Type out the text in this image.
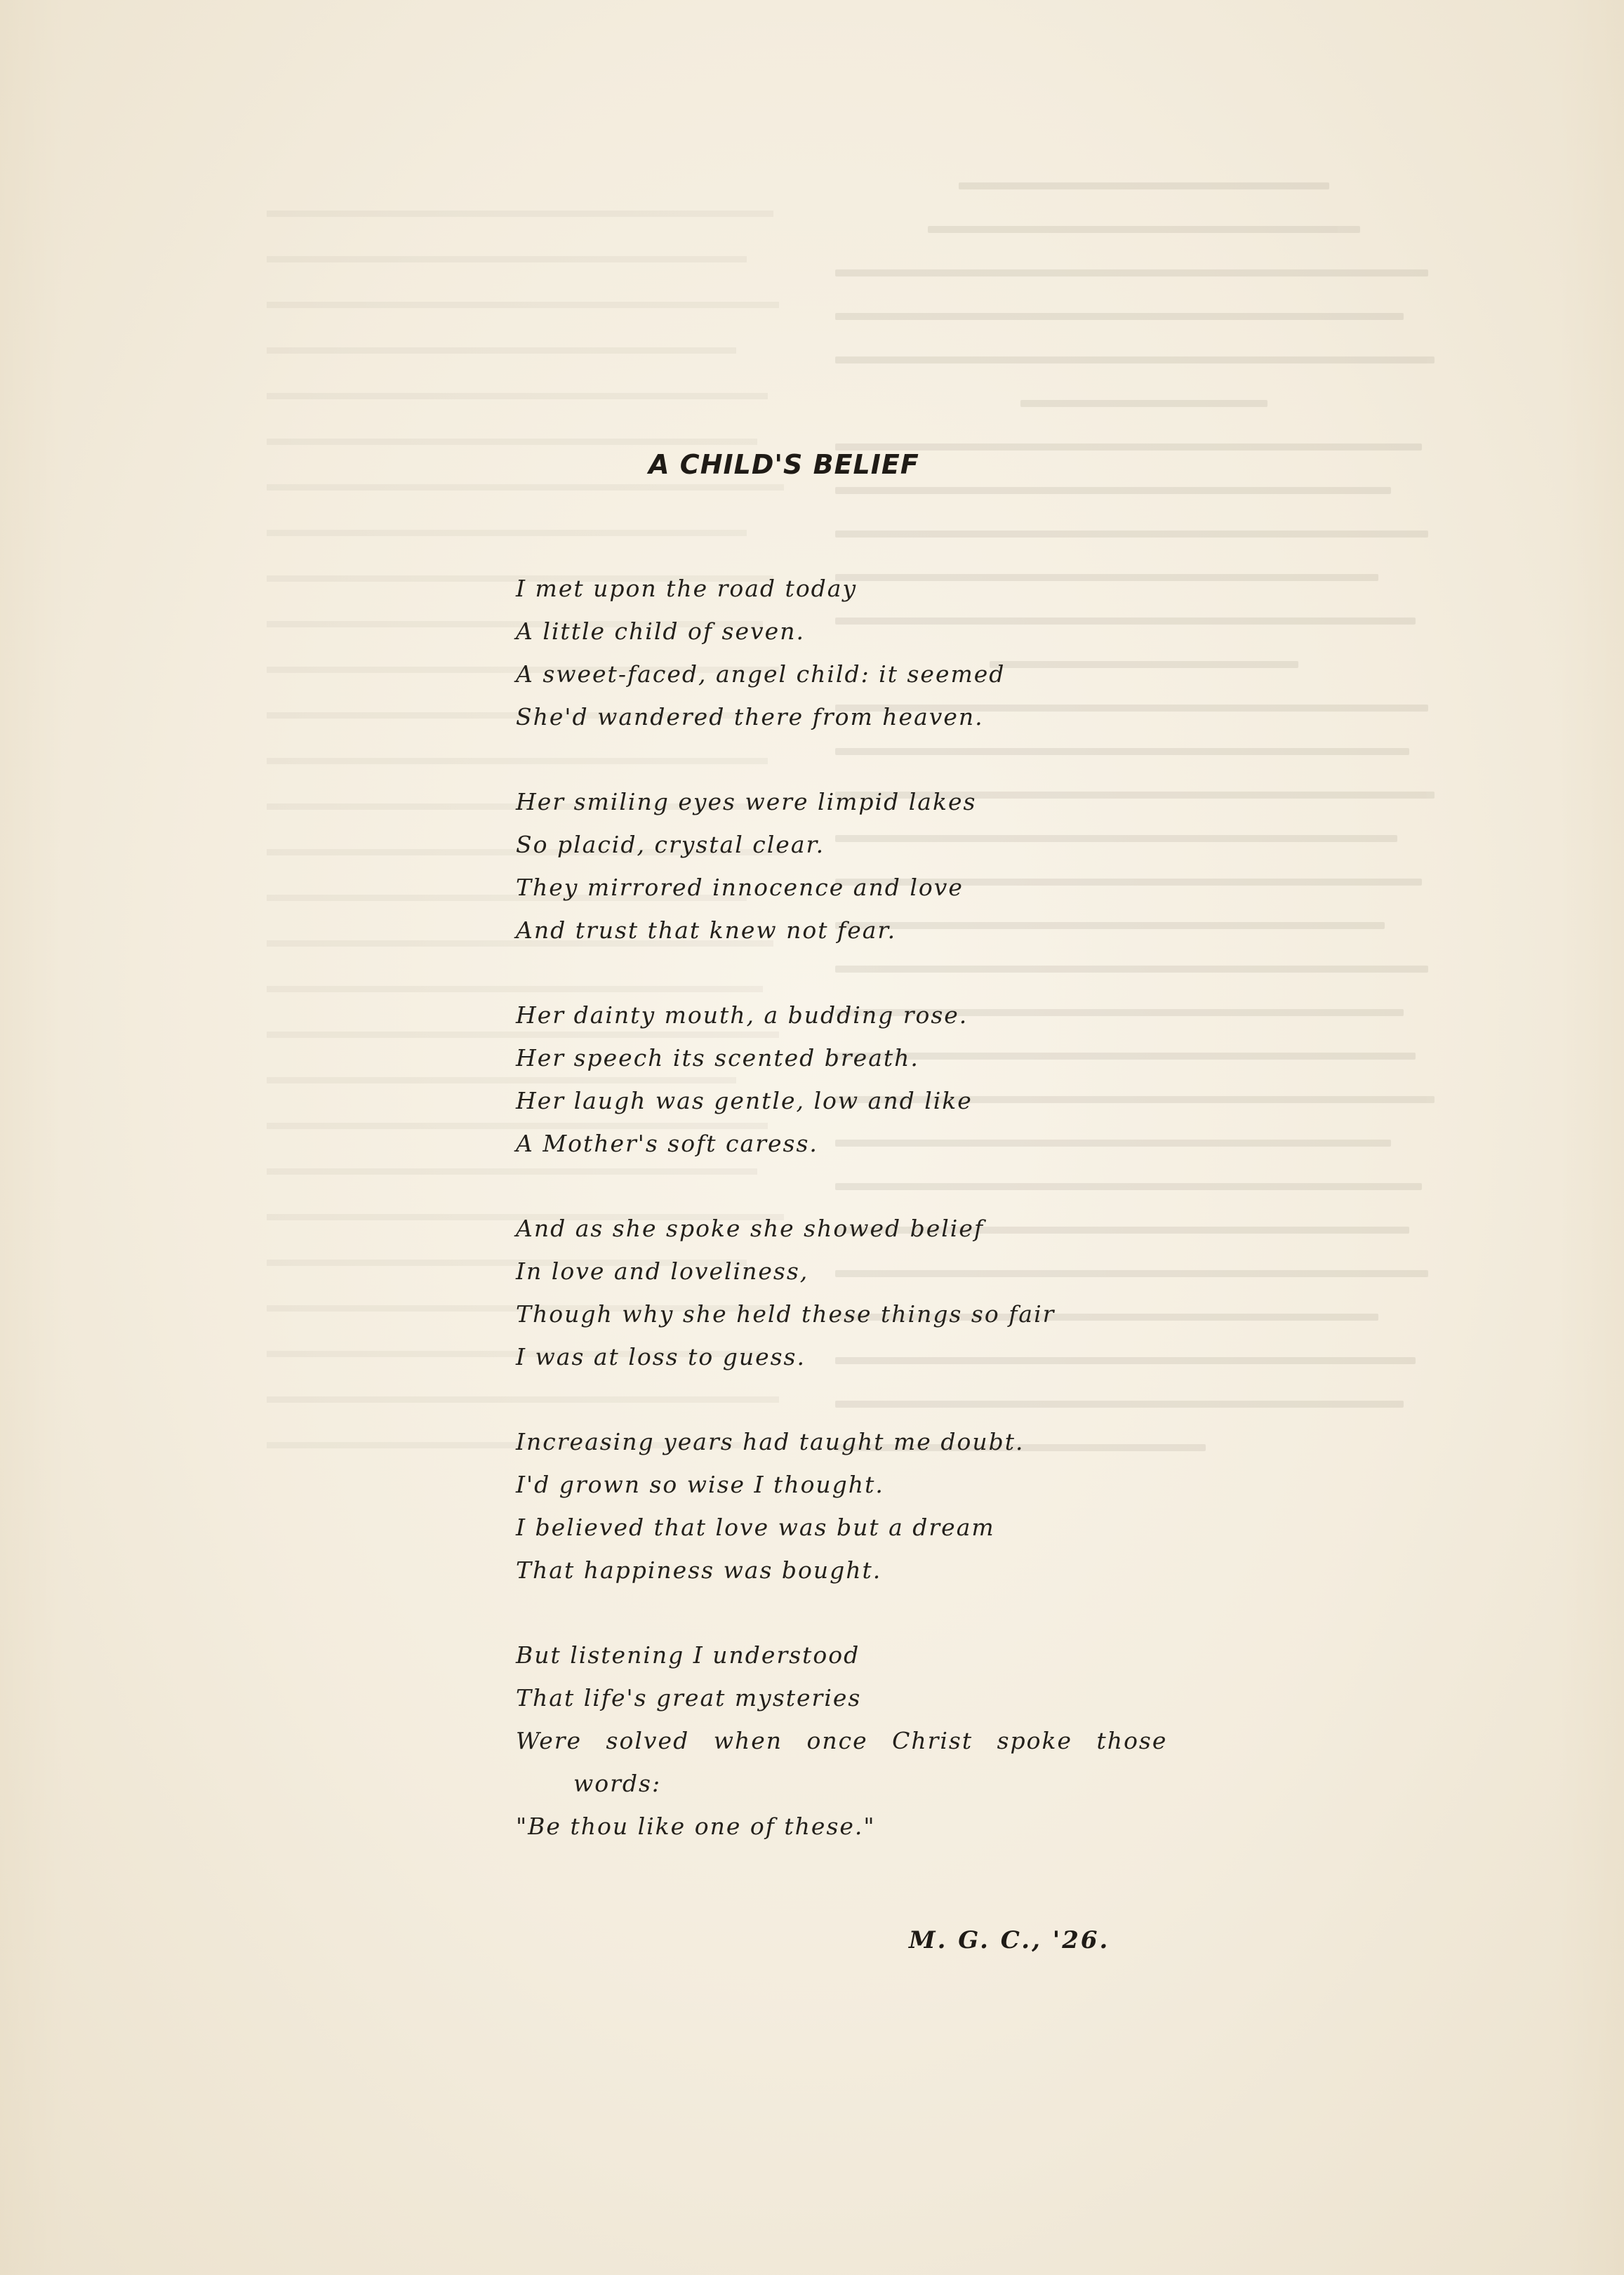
A CHILD'S BELIEF
I met upon the road today
A little child of seven.
A sweet-faced, angel child: it seemed
She'd wandered there from heaven.
Her smiling eyes were limpid lakes
So placid, crystal clear.
They mirrored innocence and love
And trust that knew not fear.
Her dainty mouth, a budding rose.
Her speech its scented breath.
Her laugh was gentle, low and like
A Mother's soft caress.
And as she spoke she showed belief
In love and loveliness,
Though why she held these things so fair
I was at loss to guess.
Increasing years had taught me doubt.
I'd grown so wise I thought.
I believed that love was but a dream
That happiness was bought.
But listening I understood
That life's great mysteries
Were solved when once Christ spoke those
words:
"Be thou like one of these."
M. G. C., '26.
